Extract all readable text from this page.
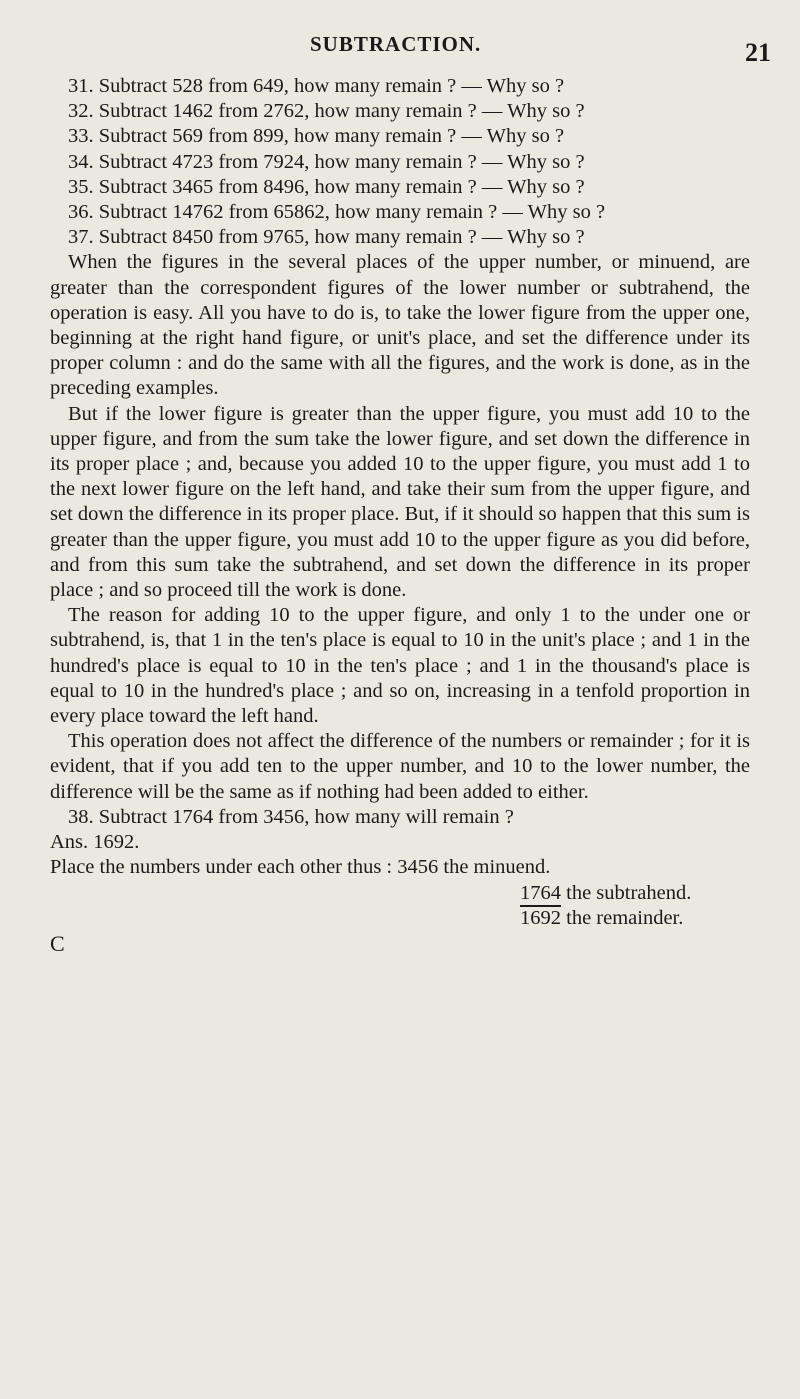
SUBTRACTION.	21

31. Subtract 528 from 649, how many remain ? — Why so ?

32. Subtract 1462 from 2762, how many remain ? — Why so ?

33. Subtract 569 from 899, how many remain ? — Why so ?

34. Subtract 4723 from 7924, how many remain ? — Why so ?

35. Subtract 3465 from 8496, how many remain ? — Why so ?

36. Subtract 14762 from 65862, how many remain ? — Why so ?

37. Subtract 8450 from 9765, how many remain ? — Why so ?

When the figures in the several places of the upper number, or minuend, are greater than the correspondent figures of the lower number or subtrahend, the operation is easy. All you have to do is, to take the lower figure from the upper one, beginning at the right hand figure, or unit's place, and set the difference under its proper column : and do the same with all the figures, and the work is done, as in the preceding examples.

But if the lower figure is greater than the upper figure, you must add 10 to the upper figure, and from the sum take the lower figure, and set down the difference in its proper place ; and, because you added 10 to the upper figure, you must add 1 to the next lower figure on the left hand, and take their sum from the upper figure, and set down the difference in its proper place. But, if it should so happen that this sum is greater than the upper figure, you must add 10 to the upper figure as you did before, and from this sum take the subtrahend, and set down the difference in its proper place ; and so proceed till the work is done.

The reason for adding 10 to the upper figure, and only 1 to the under one or subtrahend, is, that 1 in the ten's place is equal to 10 in the unit's place ; and 1 in the hundred's place is equal to 10 in the ten's place ; and 1 in the thousand's place is equal to 10 in the hundred's place ; and so on, increasing in a tenfold proportion in every place toward the left hand.

This operation does not affect the difference of the numbers or remainder ; for it is evident, that if you add ten to the upper number, and 10 to the lower number, the difference will be the same as if nothing had been added to either.

38. Subtract 1764 from 3456, how many will remain ?

Ans. 1692.

Place the numbers under each other thus : 3456 the minuend.

1764 the subtrahend.
1692 the remainder.

C
